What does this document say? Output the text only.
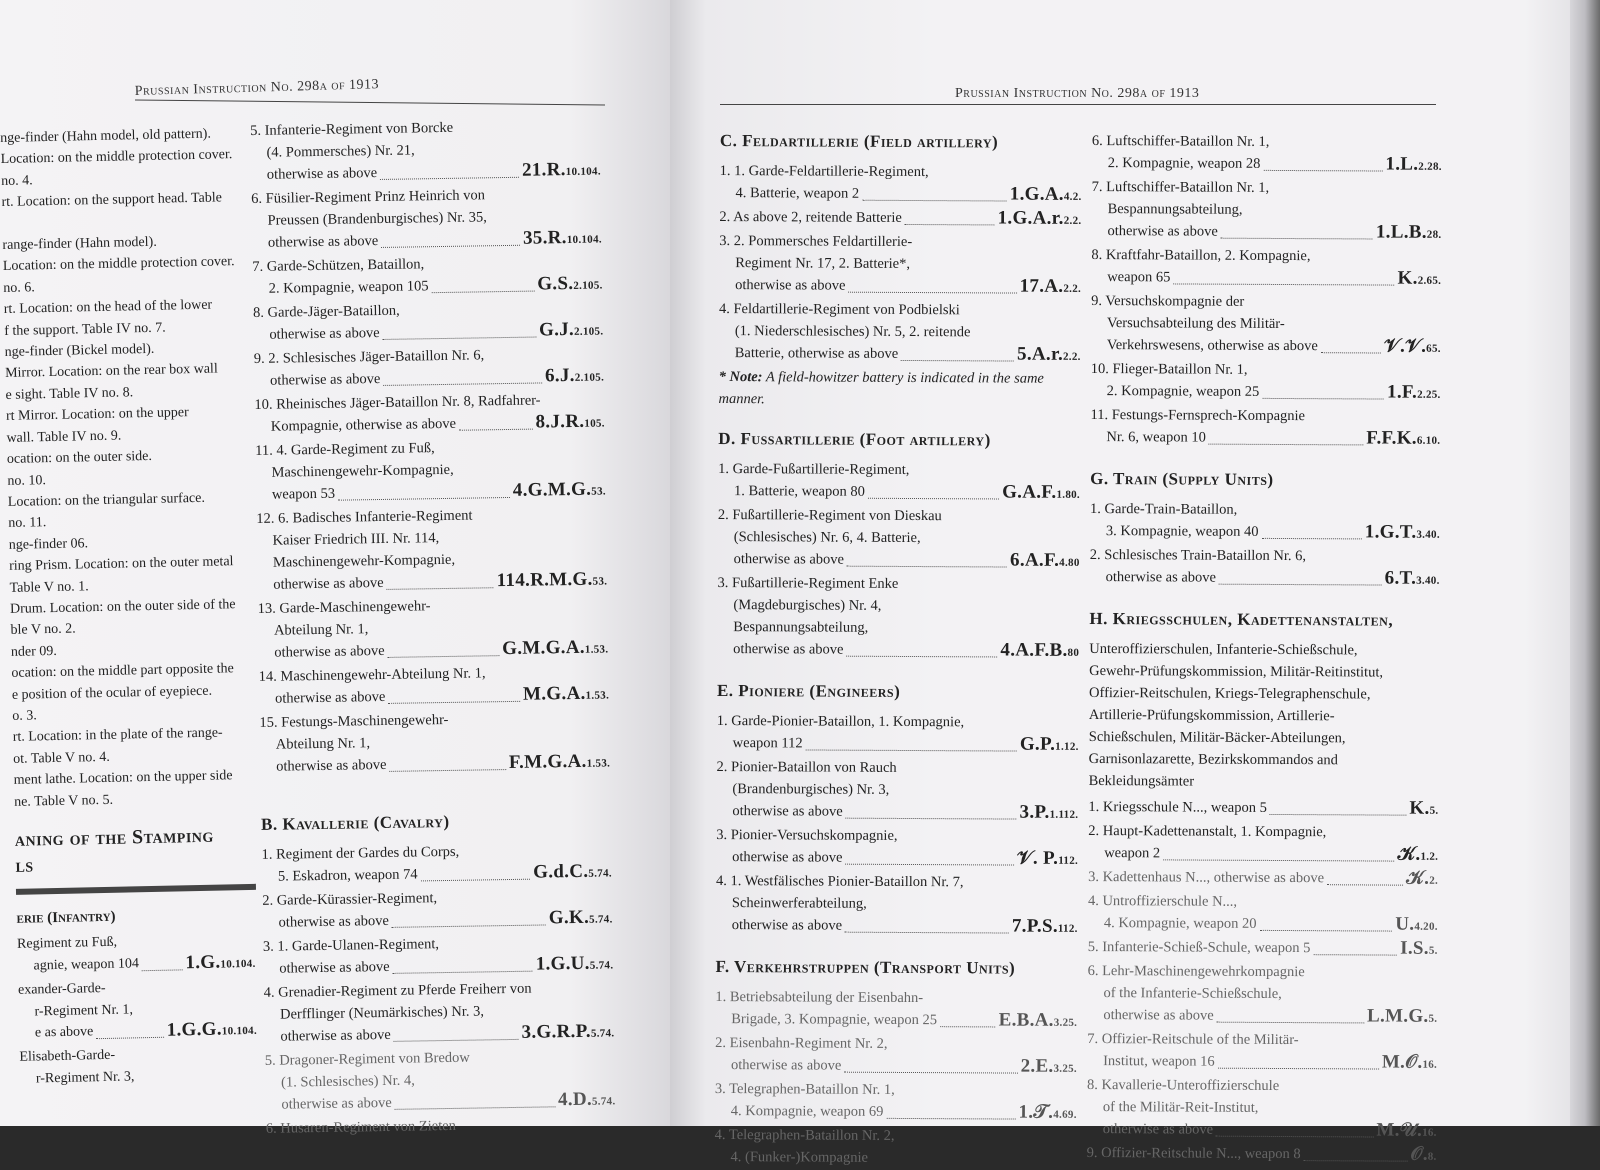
Prussian Instruction No. 298a of 1913
nge-finder (Hahn model, old pattern).
Location: on the middle protection cover.
no. 4.
rt. Location: on the support head. Table

range-finder (Hahn model).
Location: on the middle protection cover.
no. 6.
rt. Location: on the head of the lower
f the support. Table IV no. 7.
nge-finder (Bickel model).
Mirror. Location: on the rear box wall
e sight. Table IV no. 8.
rt Mirror. Location: on the upper
wall. Table IV no. 9.
ocation: on the outer side.
no. 10.
Location: on the triangular surface.
no. 11.
nge-finder 06.
ring Prism. Location: on the outer metal
Table V no. 1.
Drum. Location: on the outer side of the
ble V no. 2.
nder 09.
ocation: on the middle part opposite the
e position of the ocular of eyepiece.
o. 3.
rt. Location: in the plate of the range-
ot. Table V no. 4.
ment lathe. Location: on the upper side
ne. Table V no. 5.
aning of the Stamping
ls
erie (Infantry)
Regiment zu Fuß,
agnie, weapon 104 1.G.10.104.
exander-Garde-
r-Regiment Nr. 1,
e as above	1.G.G.10.104.
Elisabeth-Garde-
r-Regiment Nr. 3,
5. Infanterie-Regiment von Borcke
(4. Pommersches) Nr. 21,
otherwise as above	21.R.10.104.
6. Füsilier-Regiment Prinz Heinrich von
Preussen (Brandenburgisches) Nr. 35,
otherwise as above	35.R.10.104.
7. Garde-Schützen, Bataillon,
2. Kompagnie, weapon 105	G.S.2.105.
8. Garde-Jäger-Bataillon,
otherwise as above	G.J.2.105.
9. 2. Schlesisches Jäger-Bataillon Nr. 6,
otherwise as above	6.J.2.105.
10. Rheinisches Jäger-Bataillon Nr. 8, Radfahrer-
Kompagnie, otherwise as above	8.J.R.105.
11. 4. Garde-Regiment zu Fuß,
Maschinengewehr-Kompagnie,
weapon 53	4.G.M.G.53.
12. 6. Badisches Infanterie-Regiment
Kaiser Friedrich III. Nr. 114,
Maschinengewehr-Kompagnie,
otherwise as above	114.R.M.G.53.
13. Garde-Maschinengewehr-
Abteilung Nr. 1,
otherwise as above	G.M.G.A.1.53.
14. Maschinengewehr-Abteilung Nr. 1,
otherwise as above	M.G.A.1.53.
15. Festungs-Maschinengewehr-
Abteilung Nr. 1,
otherwise as above	F.M.G.A.1.53.
B. Kavallerie (Cavalry)
1. Regiment der Gardes du Corps,
5. Eskadron, weapon 74	G.d.C.5.74.
2. Garde-Kürassier-Regiment,
otherwise as above	G.K.5.74.
3. 1. Garde-Ulanen-Regiment,
otherwise as above	1.G.U.5.74.
4. Grenadier-Regiment zu Pferde Freiherr von
Derfflinger (Neumärkisches) Nr. 3,
otherwise as above	3.G.R.P.5.74.
5. Dragoner-Regiment von Bredow
(1. Schlesisches) Nr. 4,
otherwise as above	4.D.5.74.
6. Husaren-Regiment von Zieten
Prussian Instruction No. 298a of 1913
C. Feldartillerie (Field artillery)
1. 1. Garde-Feldartillerie-Regiment,
4. Batterie, weapon 2	1.G.A.4.2.
2. As above 2, reitende Batterie	1.G.A.r.2.2.
3. 2. Pommersches Feldartillerie-
Regiment Nr. 17, 2. Batterie*,
otherwise as above	17.A.2.2.
4. Feldartillerie-Regiment von Podbielski
(1. Niederschlesisches) Nr. 5, 2. reitende
Batterie, otherwise as above	5.A.r.2.2.
* Note: A field-howitzer battery is indicated in the same manner.
D. Fussartillerie (Foot artillery)
1. Garde-Fußartillerie-Regiment,
1. Batterie, weapon 80	G.A.F.1.80.
2. Fußartillerie-Regiment von Dieskau
(Schlesisches) Nr. 6, 4. Batterie,
otherwise as above	6.A.F.4.80
3. Fußartillerie-Regiment Enke
(Magdeburgisches) Nr. 4,
Bespannungsabteilung,
otherwise as above	4.A.F.B.80
E. Pioniere (Engineers)
1. Garde-Pionier-Bataillon, 1. Kompagnie,
weapon 112	G.P.1.12.
2. Pionier-Bataillon von Rauch
(Brandenburgisches) Nr. 3,
otherwise as above	3.P.1.112.
3. Pionier-Versuchskompagnie,
otherwise as above	𝒱. P.112.
4. 1. Westfälisches Pionier-Bataillon Nr. 7,
Scheinwerferabteilung,
otherwise as above	7.P.S.112.
F. Verkehrstruppen (Transport Units)
1. Betriebsabteilung der Eisenbahn-
Brigade, 3. Kompagnie, weapon 25	E.B.A.3.25.
2. Eisenbahn-Regiment Nr. 2,
otherwise as above	2.E.3.25.
3. Telegraphen-Bataillon Nr. 1,
4. Kompagnie, weapon 69	1.𝒯.4.69.
4. Telegraphen-Bataillon Nr. 2,
4. (Funker-)Kompagnie
6. Luftschiffer-Bataillon Nr. 1,
2. Kompagnie, weapon 28	1.L.2.28.
7. Luftschiffer-Bataillon Nr. 1,
Bespannungsabteilung,
otherwise as above	1.L.B.28.
8. Kraftfahr-Bataillon, 2. Kompagnie,
weapon 65	K.2.65.
9. Versuchskompagnie der
Versuchsabteilung des Militär-
Verkehrswesens, otherwise as above	𝒱.𝒱.65.
10. Flieger-Bataillon Nr. 1,
2. Kompagnie, weapon 25	1.F.2.25.
11. Festungs-Fernsprech-Kompagnie
Nr. 6, weapon 10	F.F.K.6.10.
G. Train (Supply Units)
1. Garde-Train-Bataillon,
3. Kompagnie, weapon 40	1.G.T.3.40.
2. Schlesisches Train-Bataillon Nr. 6,
otherwise as above	6.T.3.40.
H. Kriegsschulen, Kadettenanstalten,
Unteroffizierschulen, Infanterie-Schießschule,
Gewehr-Prüfungskommission, Militär-Reitinstitut,
Offizier-Reitschulen, Kriegs-Telegraphenschule,
Artillerie-Prüfungskommission, Artillerie-
Schießschulen, Militär-Bäcker-Abteilungen,
Garnisonlazarette, Bezirkskommandos and
Bekleidungsämter
1. Kriegsschule N..., weapon 5	K.5.
2. Haupt-Kadettenanstalt, 1. Kompagnie,
weapon 2	𝒦.1.2.
3. Kadettenhaus N..., otherwise as above	𝒦.2.
4. Untroffizierschule N...,
4. Kompagnie, weapon 20	U.4.20.
5. Infanterie-Schieß-Schule, weapon 5	I.S.5.
6. Lehr-Maschinengewehrkompagnie
of the Infanterie-Schießschule,
otherwise as above	L.M.G.5.
7. Offizier-Reitschule of the Militär-
Institut, weapon 16	M.𝒪.16.
8. Kavallerie-Unteroffizierschule
of the Militär-Reit-Institut,
otherwise as above	M.𝒰.16.
9. Offizier-Reitschule N..., weapon 8	𝒪.8.
